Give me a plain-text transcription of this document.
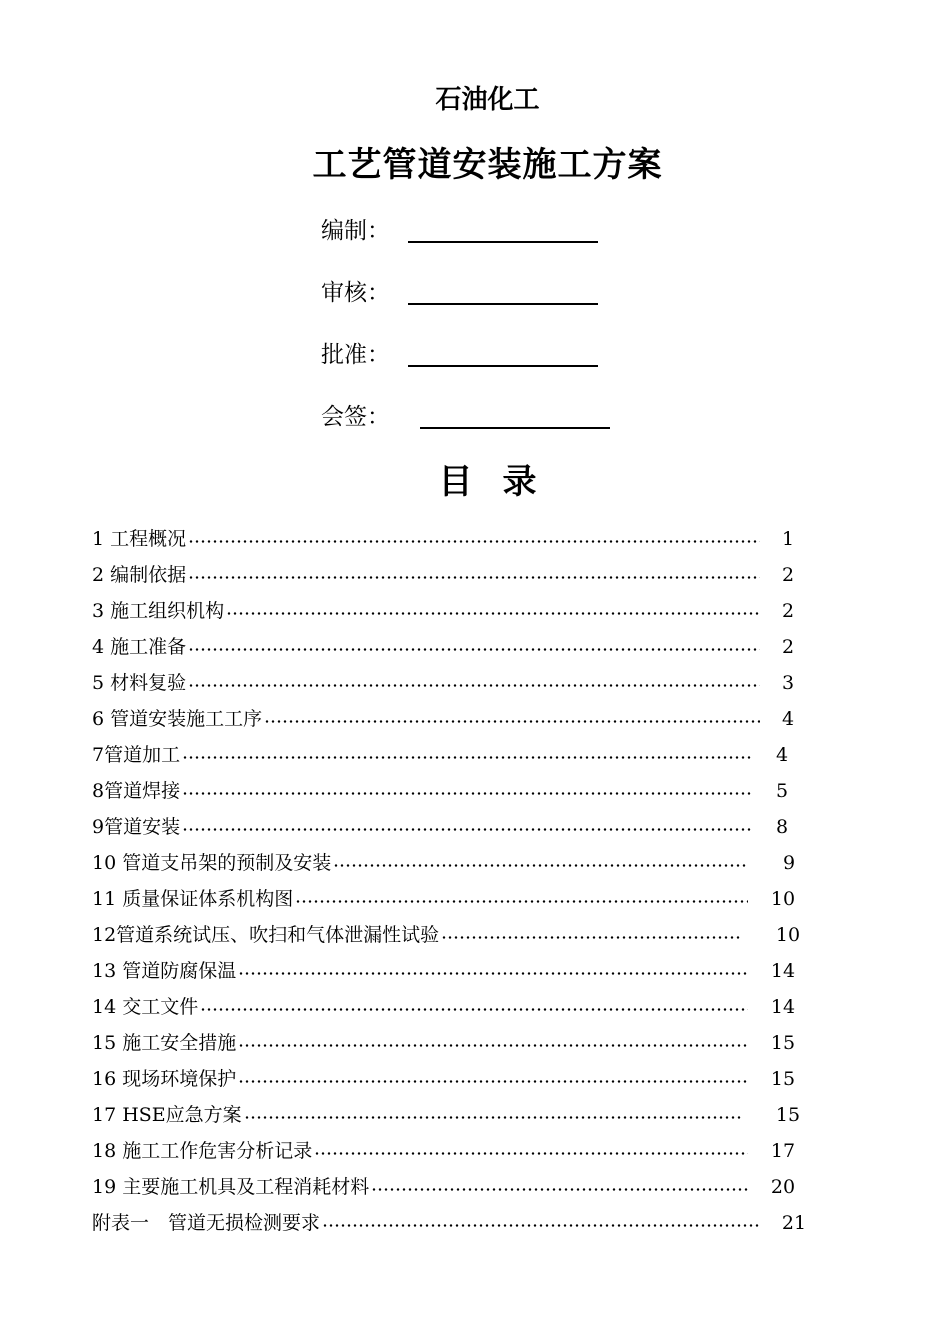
石油化工
工艺管道安装施工方案
编制：
审核：
批准：
会签：
目 录
1 工程概况	1
2 编制依据	2
3 施工组织机构	2
4 施工准备	2
5 材料复验	3
6 管道安装施工工序	4
7管道加工	4
8管道焊接	5
9管道安装	8
10 管道支吊架的预制及安装	9
11 质量保证体系机构图	10
12管道系统试压、吹扫和气体泄漏性试验	10
13 管道防腐保温	14
14 交工文件	14
15 施工安全措施	15
16 现场环境保护	15
17 HSE应急方案	15
18 施工工作危害分析记录	17
19 主要施工机具及工程消耗材料	20
附表一　管道无损检测要求	21
